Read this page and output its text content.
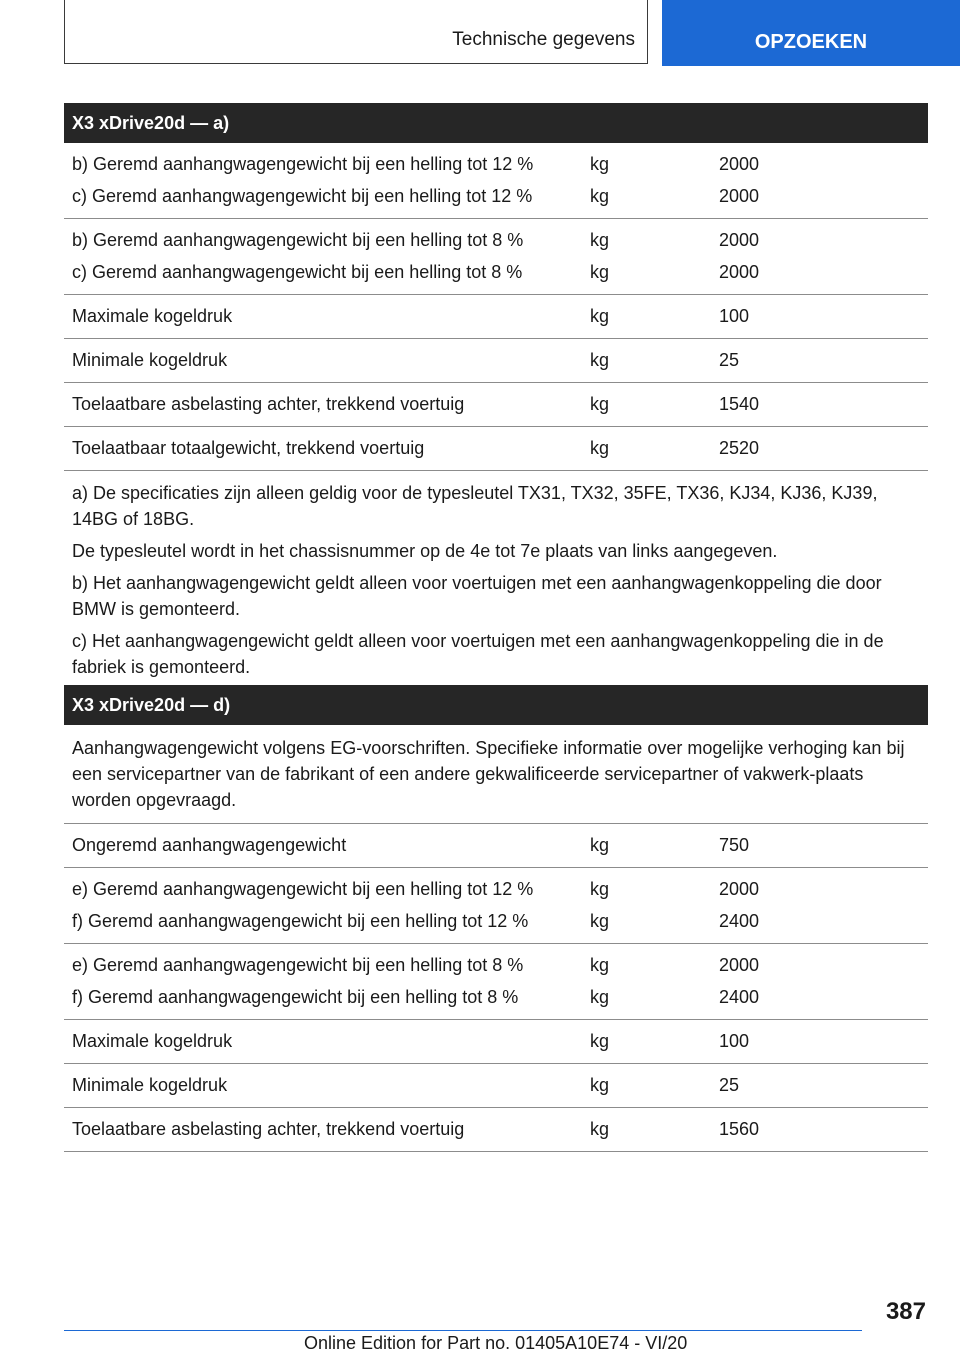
Technische gegevens	OPZOEKEN
X3 xDrive20d — a)
b) Geremd aanhangwagengewicht bij een helling tot 12 %	kg	2000
c) Geremd aanhangwagengewicht bij een helling tot 12 %	kg	2000
b) Geremd aanhangwagengewicht bij een helling tot 8 %	kg	2000
c) Geremd aanhangwagengewicht bij een helling tot 8 %	kg	2000
Maximale kogeldruk	kg	100
Minimale kogeldruk	kg	25
Toelaatbare asbelasting achter, trekkend voertuig	kg	1540
Toelaatbaar totaalgewicht, trekkend voertuig	kg	2520
a) De specificaties zijn alleen geldig voor de typesleutel TX31, TX32, 35FE, TX36, KJ34, KJ36, KJ39, 14BG of 18BG.
De typesleutel wordt in het chassisnummer op de 4e tot 7e plaats van links aangegeven.
b) Het aanhangwagengewicht geldt alleen voor voertuigen met een aanhangwagenkoppeling die door BMW is gemonteerd.
c) Het aanhangwagengewicht geldt alleen voor voertuigen met een aanhangwagenkoppeling die in de fabriek is gemonteerd.
X3 xDrive20d — d)
Aanhangwagengewicht volgens EG-voorschriften. Specifieke informatie over mogelijke verhoging kan bij een servicepartner van de fabrikant of een andere gekwalificeerde servicepartner of vakwerk-plaats worden opgevraagd.
Ongeremd aanhangwagengewicht	kg	750
e) Geremd aanhangwagengewicht bij een helling tot 12 %	kg	2000
f) Geremd aanhangwagengewicht bij een helling tot 12 %	kg	2400
e) Geremd aanhangwagengewicht bij een helling tot 8 %	kg	2000
f) Geremd aanhangwagengewicht bij een helling tot 8 %	kg	2400
Maximale kogeldruk	kg	100
Minimale kogeldruk	kg	25
Toelaatbare asbelasting achter, trekkend voertuig	kg	1560
387
Online Edition for Part no. 01405A10E74 - VI/20
